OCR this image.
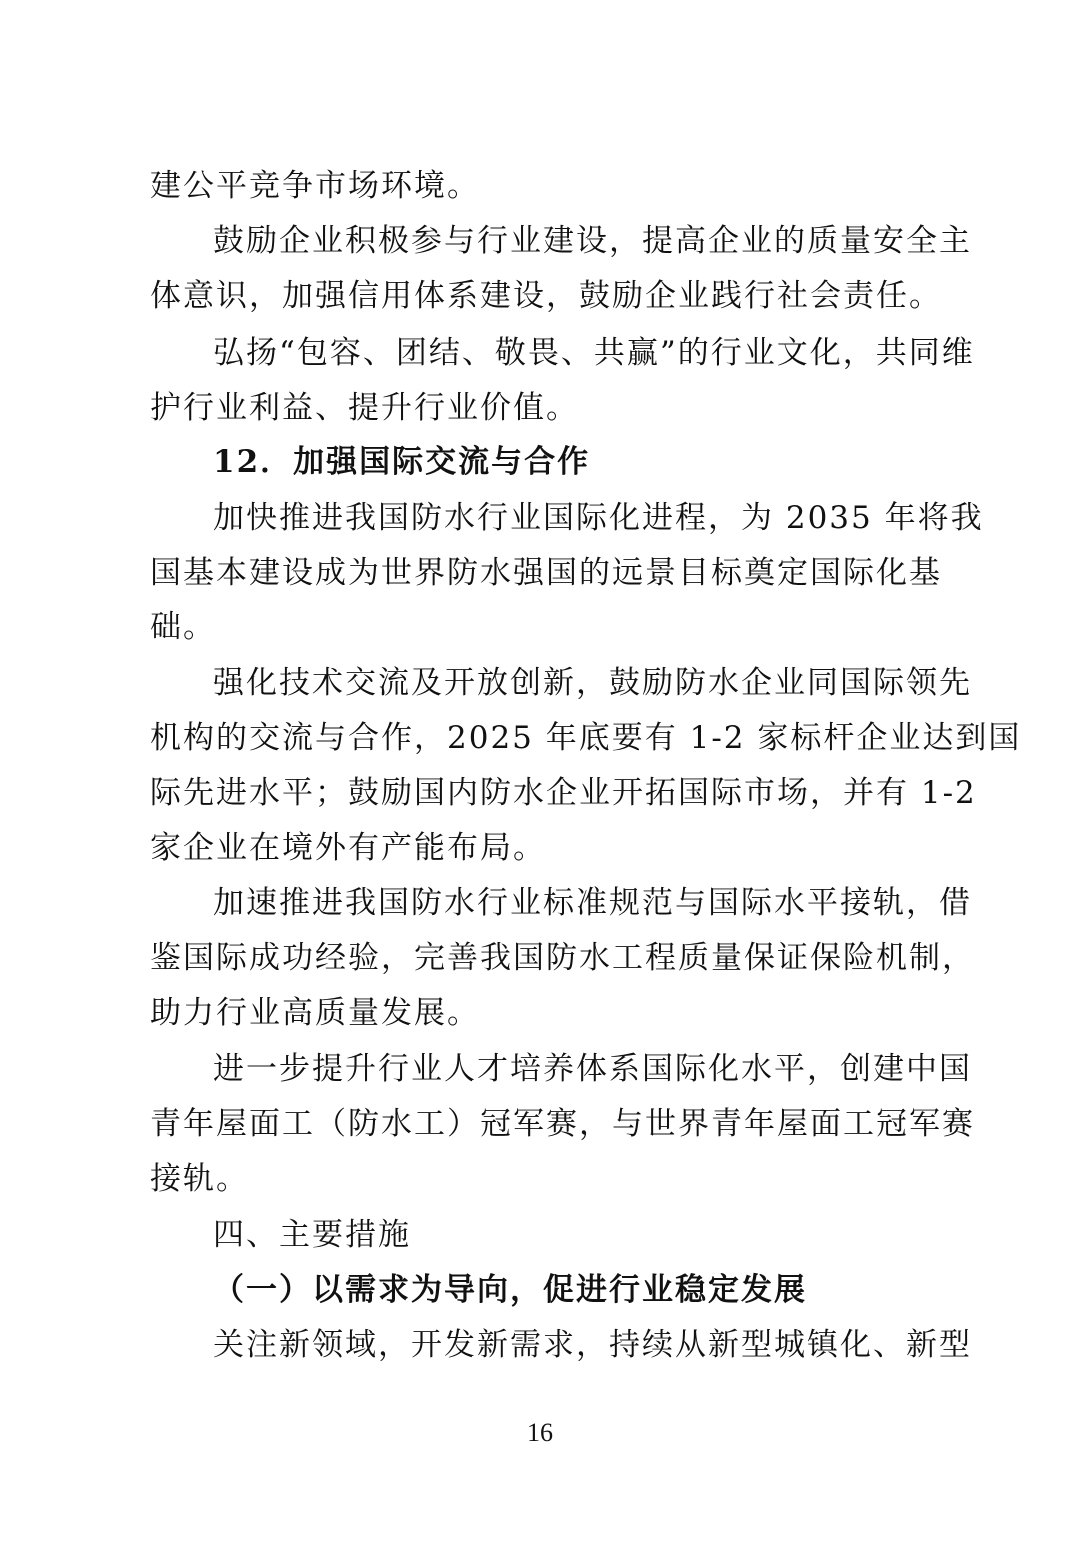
建公平竞争市场环境。
鼓励企业积极参与行业建设，提高企业的质量安全主
体意识，加强信用体系建设，鼓励企业践行社会责任。
弘扬“包容、团结、敬畏、共赢”的行业文化，共同维
护行业利益、提升行业价值。
12．加强国际交流与合作
加快推进我国防水行业国际化进程，为 2035 年将我
国基本建设成为世界防水强国的远景目标奠定国际化基
础。
强化技术交流及开放创新，鼓励防水企业同国际领先
机构的交流与合作，2025 年底要有 1-2 家标杆企业达到国
际先进水平；鼓励国内防水企业开拓国际市场，并有 1-2
家企业在境外有产能布局。
加速推进我国防水行业标准规范与国际水平接轨，借
鉴国际成功经验，完善我国防水工程质量保证保险机制，
助力行业高质量发展。
进一步提升行业人才培养体系国际化水平，创建中国
青年屋面工（防水工）冠军赛，与世界青年屋面工冠军赛
接轨。
四、主要措施
（一）以需求为导向，促进行业稳定发展
关注新领域，开发新需求，持续从新型城镇化、新型
16
